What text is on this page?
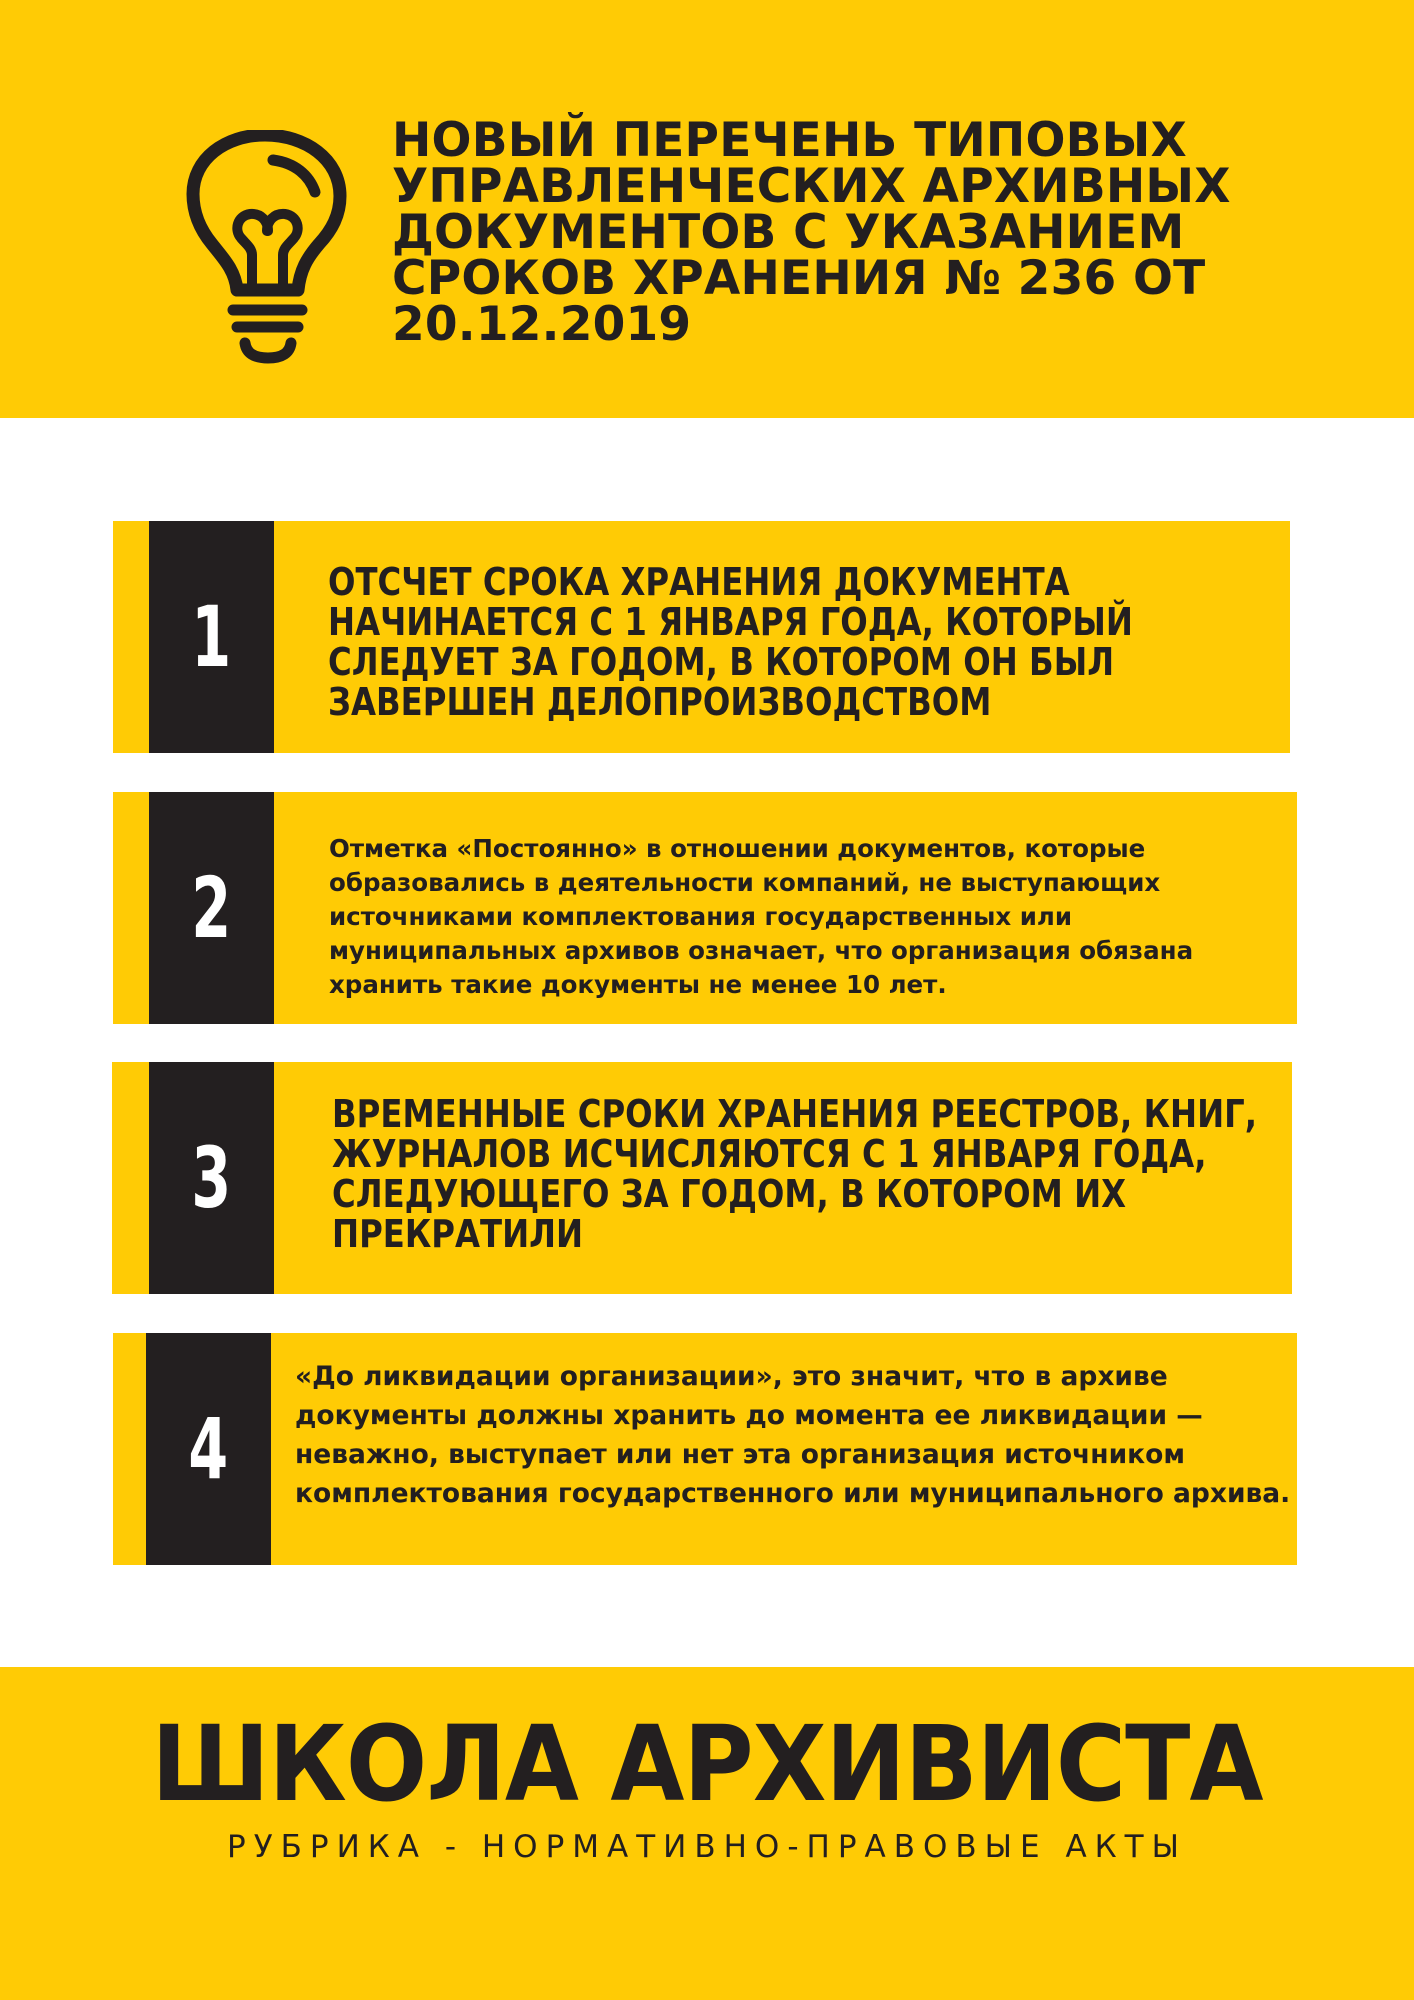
НОВЫЙ ПЕРЕЧЕНЬ ТИПОВЫХ УПРАВЛЕНЧЕСКИХ АРХИВНЫХ ДОКУМЕНТОВ С УКАЗАНИЕМ СРОКОВ ХРАНЕНИЯ № 236 ОТ 20.12.2019
1

ОТСЧЕТ СРОКА ХРАНЕНИЯ ДОКУМЕНТА НАЧИНАЕТСЯ С 1 ЯНВАРЯ ГОДА, КОТОРЫЙ СЛЕДУЕТ ЗА ГОДОМ, В КОТОРОМ ОН БЫЛ ЗАВЕРШЕН ДЕЛОПРОИЗВОДСТВОМ

2

Отметка «Постоянно» в отношении документов, которые образовались в деятельности компаний, не выступающих источниками комплектования государственных или муниципальных архивов означает, что организация обязана хранить такие документы не менее 10 лет.

3

ВРЕМЕННЫЕ СРОКИ ХРАНЕНИЯ РЕЕСТРОВ, КНИГ, ЖУРНАЛОВ ИСЧИСЛЯЮТСЯ С 1 ЯНВАРЯ ГОДА, СЛЕДУЮЩЕГО ЗА ГОДОМ, В КОТОРОМ ИХ ПРЕКРАТИЛИ

4

«До ликвидации организации», это значит, что в архиве документы должны хранить до момента ее ликвидации — неважно, выступает или нет эта организация источником комплектования государственного или муниципального архива.

ШКОЛА АРХИВИСТА
РУБРИКА - НОРМАТИВНО-ПРАВОВЫЕ АКТЫ
